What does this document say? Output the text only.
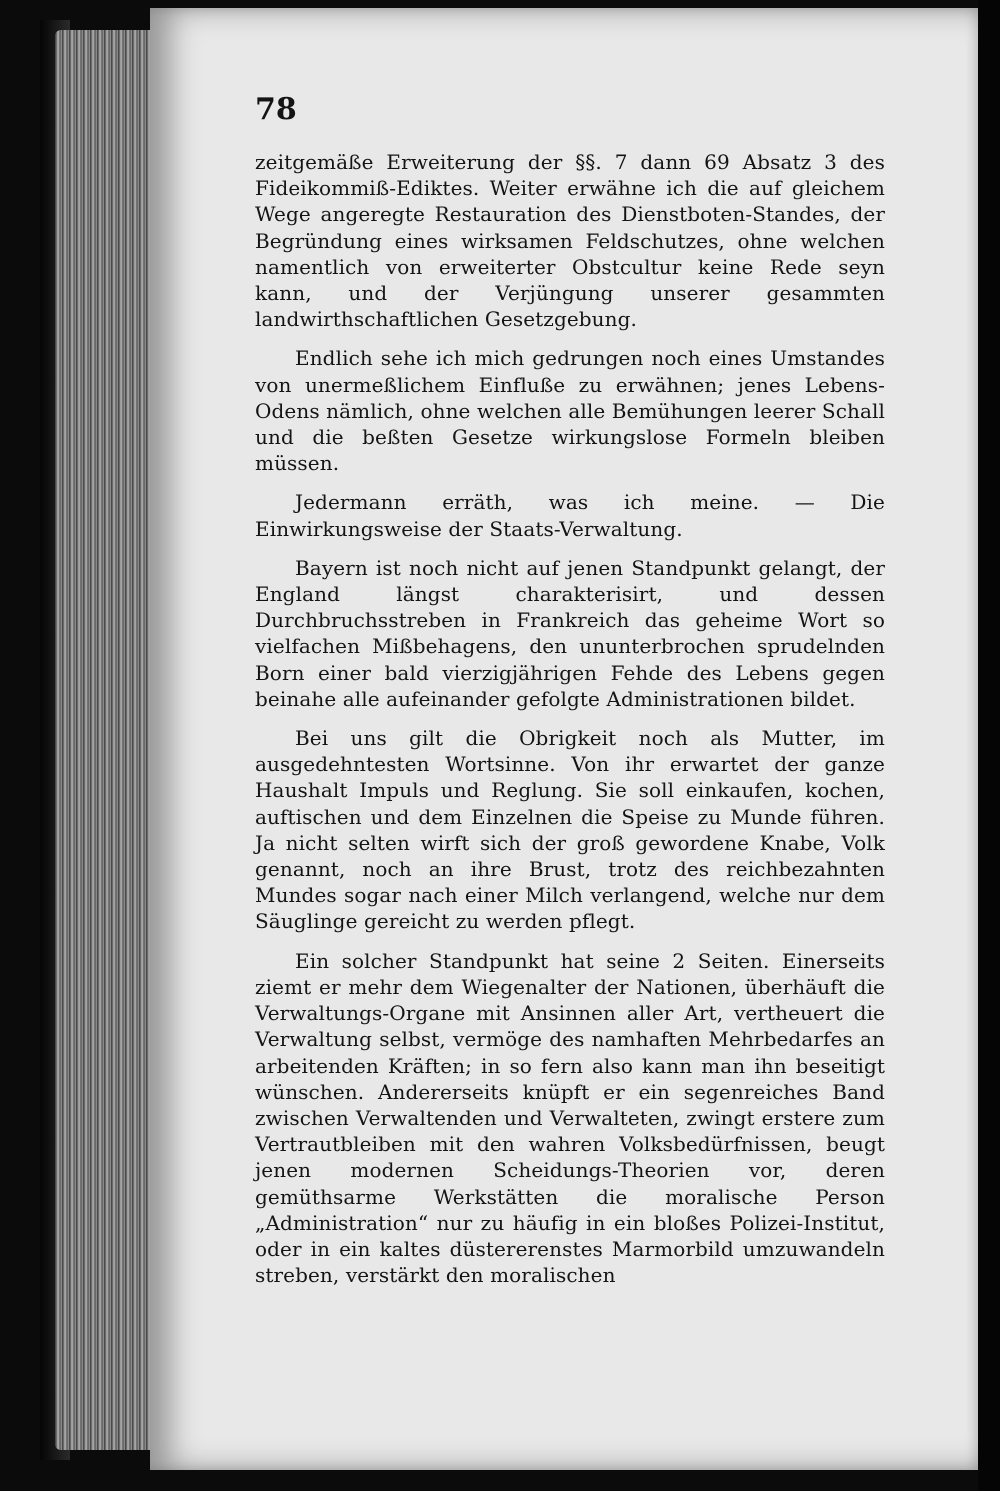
78

zeitgemäße Erweiterung der §§. 7 dann 69 Absatz 3 des Fideikommiß-Ediktes. Weiter erwähne ich die auf gleichem Wege angeregte Restauration des Dienstboten-Standes, der Begründung eines wirksamen Feldschutzes, ohne welchen namentlich von erweiterter Obstcultur keine Rede seyn kann, und der Verjüngung unserer gesammten landwirthschaftlichen Gesetzgebung.

Endlich sehe ich mich gedrungen noch eines Umstandes von unermeßlichem Einfluße zu erwähnen; jenes Lebens-Odens nämlich, ohne welchen alle Bemühungen leerer Schall und die beßten Gesetze wirkungslose Formeln bleiben müssen.

Jedermann erräth, was ich meine. — Die Einwirkungsweise der Staats-Verwaltung.

Bayern ist noch nicht auf jenen Standpunkt gelangt, der England längst charakterisirt, und dessen Durchbruchsstreben in Frankreich das geheime Wort so vielfachen Mißbehagens, den ununterbrochen sprudelnden Born einer bald vierzigjährigen Fehde des Lebens gegen beinahe alle aufeinander gefolgte Administrationen bildet.

Bei uns gilt die Obrigkeit noch als Mutter, im ausgedehntesten Wortsinne. Von ihr erwartet der ganze Haushalt Impuls und Reglung. Sie soll einkaufen, kochen, auftischen und dem Einzelnen die Speise zu Munde führen. Ja nicht selten wirft sich der groß gewordene Knabe, Volk genannt, noch an ihre Brust, trotz des reichbezahnten Mundes sogar nach einer Milch verlangend, welche nur dem Säuglinge gereicht zu werden pflegt.

Ein solcher Standpunkt hat seine 2 Seiten. Einerseits ziemt er mehr dem Wiegenalter der Nationen, überhäuft die Verwaltungs-Organe mit Ansinnen aller Art, vertheuert die Verwaltung selbst, vermöge des namhaften Mehrbedarfes an arbeitenden Kräften; in so fern also kann man ihn beseitigt wünschen. Andererseits knüpft er ein segenreiches Band zwischen Verwaltenden und Verwalteten, zwingt erstere zum Vertrautbleiben mit den wahren Volksbedürfnissen, beugt jenen modernen Scheidungs-Theorien vor, deren gemüthsarme Werkstätten die moralische Person „Administration“ nur zu häufig in ein bloßes Polizei-Institut, oder in ein kaltes düstererenstes Marmorbild umzuwandeln streben, verstärkt den moralischen
